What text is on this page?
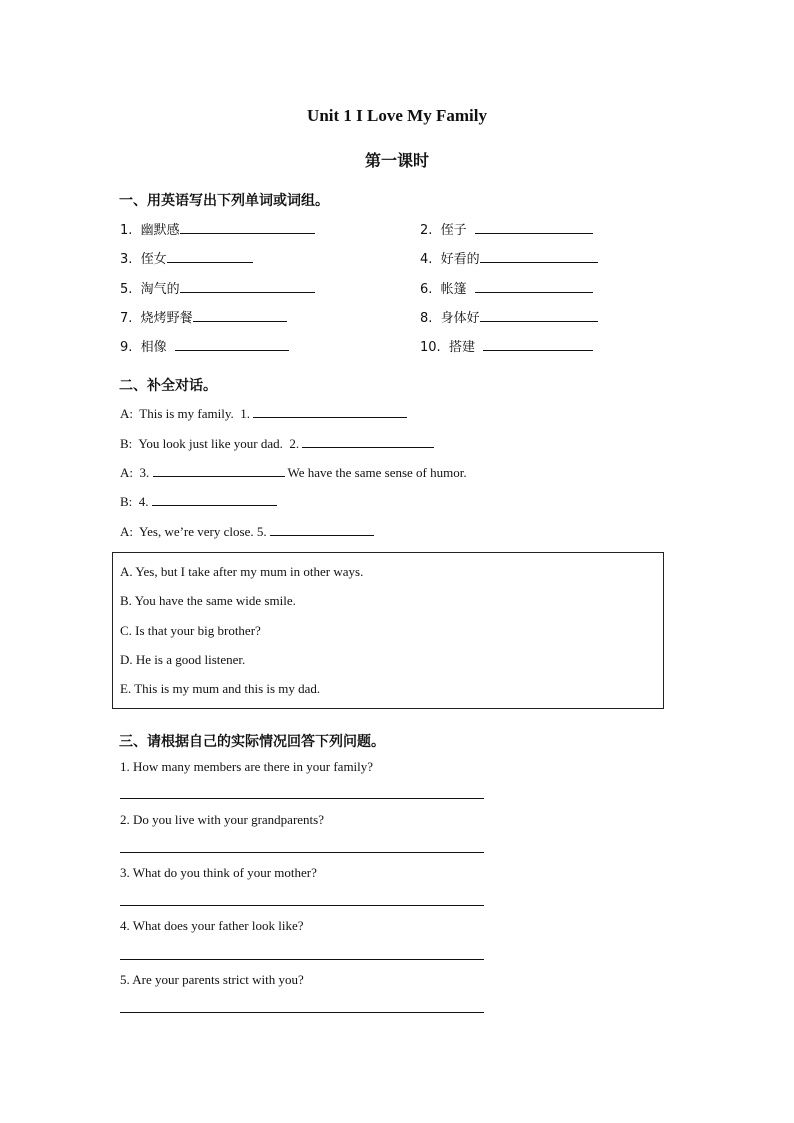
Unit 1 I Love My Family
第一课时
一、用英语写出下列单词或词组。
1. 幽默感	2. 侄子
3. 侄女	4. 好看的
5. 淘气的	6. 帐篷
7. 烧烤野餐	8. 身体好
9. 相像	10. 搭建
二、补全对话。
A: This is my family. 1.
B: You look just like your dad. 2.
A: 3.	We have the same sense of humor.
B: 4.
A: Yes, we’re very close. 5.
A. Yes, but I take after my mum in other ways.
B. You have the same wide smile.
C. Is that your big brother?
D. He is a good listener.
E. This is my mum and this is my dad.
三、请根据自己的实际情况回答下列问题。
1. How many members are there in your family?
2. Do you live with your grandparents?
3. What do you think of your mother?
4. What does your father look like?
5. Are your parents strict with you?
